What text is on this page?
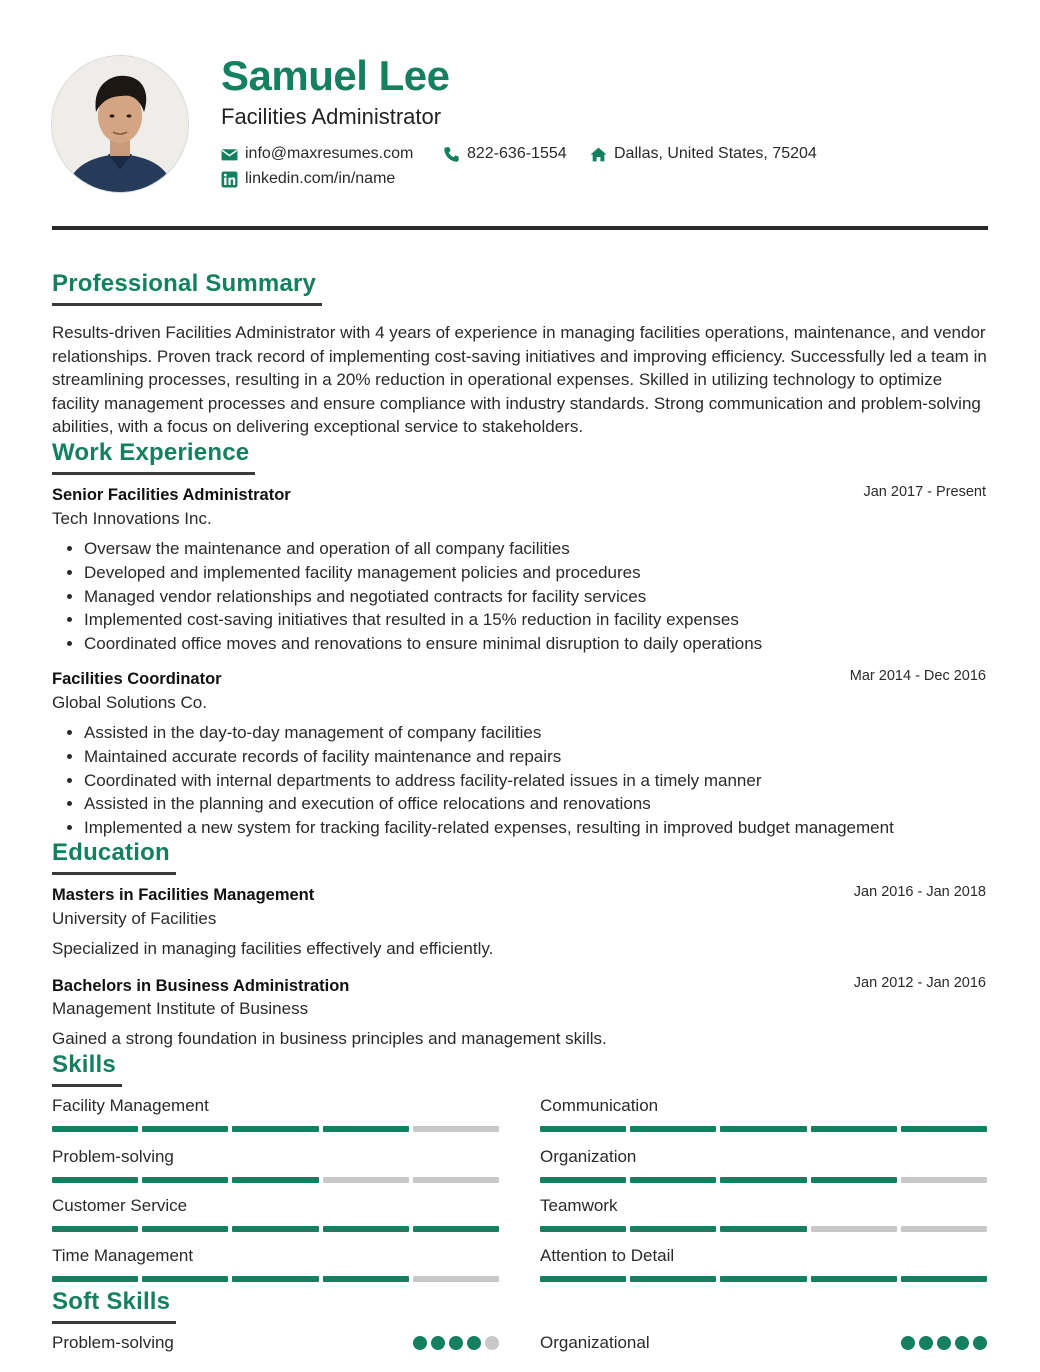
Samuel Lee
Facilities Administrator
info@maxresumes.com	822-636-1554	Dallas, United States, 75204
linkedin.com/in/name
Professional Summary
Results-driven Facilities Administrator with 4 years of experience in managing facilities operations, maintenance, and vendor relationships. Proven track record of implementing cost-saving initiatives and improving efficiency. Successfully led a team in streamlining processes, resulting in a 20% reduction in operational expenses. Skilled in utilizing technology to optimize facility management processes and ensure compliance with industry standards. Strong communication and problem-solving abilities, with a focus on delivering exceptional service to stakeholders.
Work Experience
Senior Facilities Administrator	Jan 2017 - Present
Tech Innovations Inc.
• Oversaw the maintenance and operation of all company facilities
• Developed and implemented facility management policies and procedures
• Managed vendor relationships and negotiated contracts for facility services
• Implemented cost-saving initiatives that resulted in a 15% reduction in facility expenses
• Coordinated office moves and renovations to ensure minimal disruption to daily operations
Facilities Coordinator	Mar 2014 - Dec 2016
Global Solutions Co.
• Assisted in the day-to-day management of company facilities
• Maintained accurate records of facility maintenance and repairs
• Coordinated with internal departments to address facility-related issues in a timely manner
• Assisted in the planning and execution of office relocations and renovations
• Implemented a new system for tracking facility-related expenses, resulting in improved budget management
Education
Masters in Facilities Management	Jan 2016 - Jan 2018
University of Facilities
Specialized in managing facilities effectively and efficiently.
Bachelors in Business Administration	Jan 2012 - Jan 2016
Management Institute of Business
Gained a strong foundation in business principles and management skills.
Skills
Facility Management	Communication
Problem-solving	Organization
Customer Service	Teamwork
Time Management	Attention to Detail
Soft Skills
Problem-solving	Organizational
